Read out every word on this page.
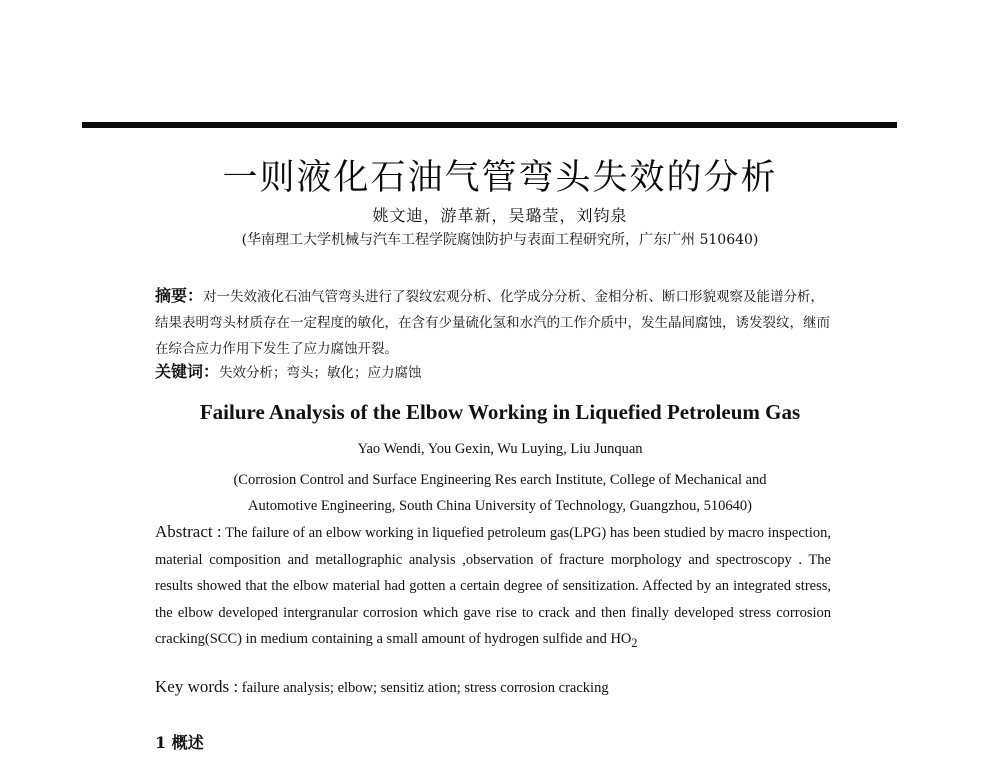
一则液化石油气管弯头失效的分析
姚文迪，游革新，吴璐莹，刘钧泉
(华南理工大学机械与汽车工程学院腐蚀防护与表面工程研究所，广东广州 510640)
摘要：对一失效液化石油气管弯头进行了裂纹宏观分析、化学成分分析、金相分析、断口形貌观察及能谱分析，结果表明弯头材质存在一定程度的敏化，在含有少量硫化氢和水汽的工作介质中，发生晶间腐蚀，诱发裂纹，继而在综合应力作用下发生了应力腐蚀开裂。
关键词：失效分析；弯头；敏化；应力腐蚀
Failure Analysis of the Elbow Working in Liquefied Petroleum Gas
Yao Wendi, You Gexin, Wu Luying, Liu Junquan
(Corrosion Control and Surface Engineering Res earch Institute, College of Mechanical and
Automotive Engineering, South China University of Technology, Guangzhou, 510640)
Abstract : The failure of an elbow working in liquefied petroleum gas(LPG) has been studied by macro inspection, material composition and metallographic analysis ,observation of fracture morphology and spectroscopy . The results showed that the elbow material had gotten a certain degree of sensitization. Affected by an integrated stress, the elbow developed intergranular corrosion which gave rise to crack and then finally developed stress corrosion cracking(SCC) in medium containing a small amount of hydrogen sulfide and $HO_2$
Key words : failure analysis; elbow; sensitiz ation; stress corrosion cracking
1 概述
